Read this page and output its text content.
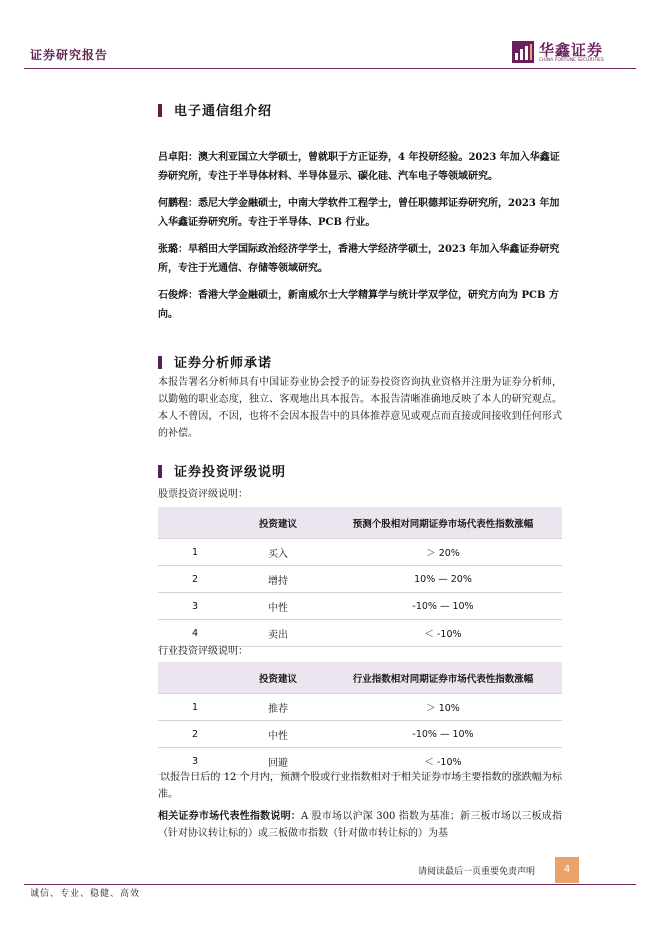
证券研究报告	华鑫证券
CHINA FORTUNE SECURITIES
电子通信组介绍

吕卓阳：澳大利亚国立大学硕士，曾就职于方正证券，4 年投研经验。2023 年加入华鑫证券研究所，专注于半导体材料、半导体显示、碳化硅、汽车电子等领域研究。

何鹏程：悉尼大学金融硕士，中南大学软件工程学士，曾任职德邦证券研究所，2023 年加入华鑫证券研究所。专注于半导体、PCB 行业。

张璐：早稻田大学国际政治经济学学士，香港大学经济学硕士，2023 年加入华鑫证券研究所，专注于光通信、存储等领域研究。

石俊烨：香港大学金融硕士，新南威尔士大学精算学与统计学双学位，研究方向为 PCB 方向。

证券分析师承诺

本报告署名分析师具有中国证券业协会授予的证券投资咨询执业资格并注册为证券分析师，以勤勉的职业态度，独立、客观地出具本报告。本报告清晰准确地反映了本人的研究观点。本人不曾因，不因，也将不会因本报告中的具体推荐意见或观点而直接或间接收到任何形式的补偿。

证券投资评级说明
股票投资评级说明：
	投资建议	预测个股相对同期证券市场代表性指数涨幅
1	买入	＞ 20%
2	增持	10% — 20%
3	中性	-10% — 10%
4	卖出	＜ -10%
行业投资评级说明：
	投资建议	行业指数相对同期证券市场代表性指数涨幅
1	推荐	＞ 10%
2	中性	-10% — 10%
3	回避	＜ -10%

以报告日后的 12 个月内，预测个股或行业指数相对于相关证券市场主要指数的涨跌幅为标准。

相关证券市场代表性指数说明：A 股市场以沪深 300 指数为基准；新三板市场以三板成指（针对协议转让标的）或三板做市指数（针对做市转让标的）为基

请阅读最后一页重要免责声明	4
诚信、专业、稳健、高效
